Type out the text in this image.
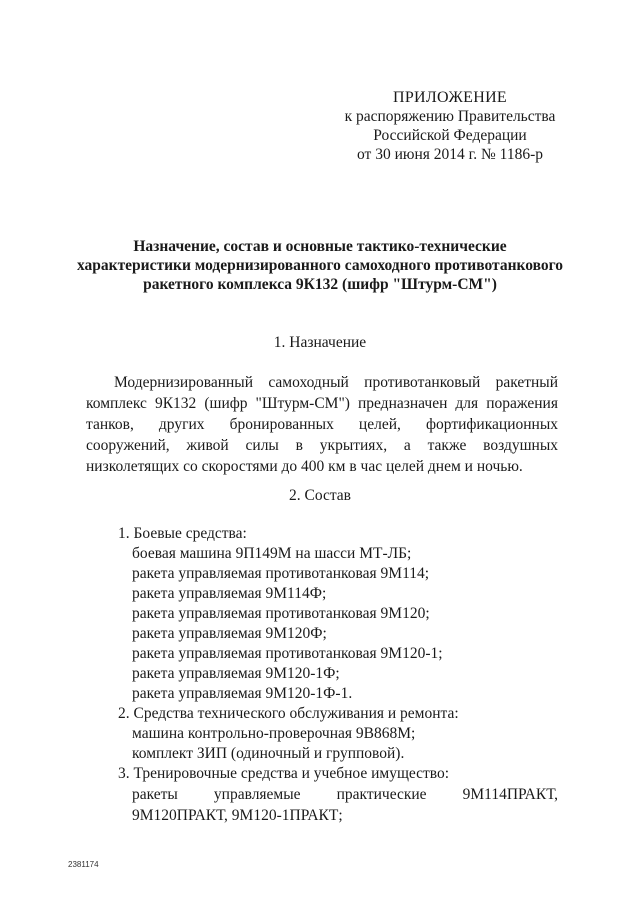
ПРИЛОЖЕНИЕ
к распоряжению Правительства
Российской Федерации
от 30 июня 2014 г. № 1186-р
Назначение, состав и основные тактико-технические
характеристики модернизированного самоходного противотанкового
ракетного комплекса 9К132 (шифр "Штурм-СМ")
1. Назначение
Модернизированный самоходный противотанковый ракетный комплекс 9К132 (шифр "Штурм-СМ") предназначен для поражения танков, других бронированных целей, фортификационных сооружений, живой силы в укрытиях, а также воздушных низколетящих со скоростями до 400 км в час целей днем и ночью.
2. Состав
1. Боевые средства:
боевая машина 9П149М на шасси МТ-ЛБ;
ракета управляемая противотанковая 9М114;
ракета управляемая 9М114Ф;
ракета управляемая противотанковая 9М120;
ракета управляемая 9М120Ф;
ракета управляемая противотанковая 9М120-1;
ракета управляемая 9М120-1Ф;
ракета управляемая 9М120-1Ф-1.
2. Средства технического обслуживания и ремонта:
машина контрольно-проверочная 9В868М;
комплект ЗИП (одиночный и групповой).
3. Тренировочные средства и учебное имущество:
ракеты управляемые практические 9М114ПРАКТ, 9М120ПРАКТ, 9М120-1ПРАКТ;
2381174
